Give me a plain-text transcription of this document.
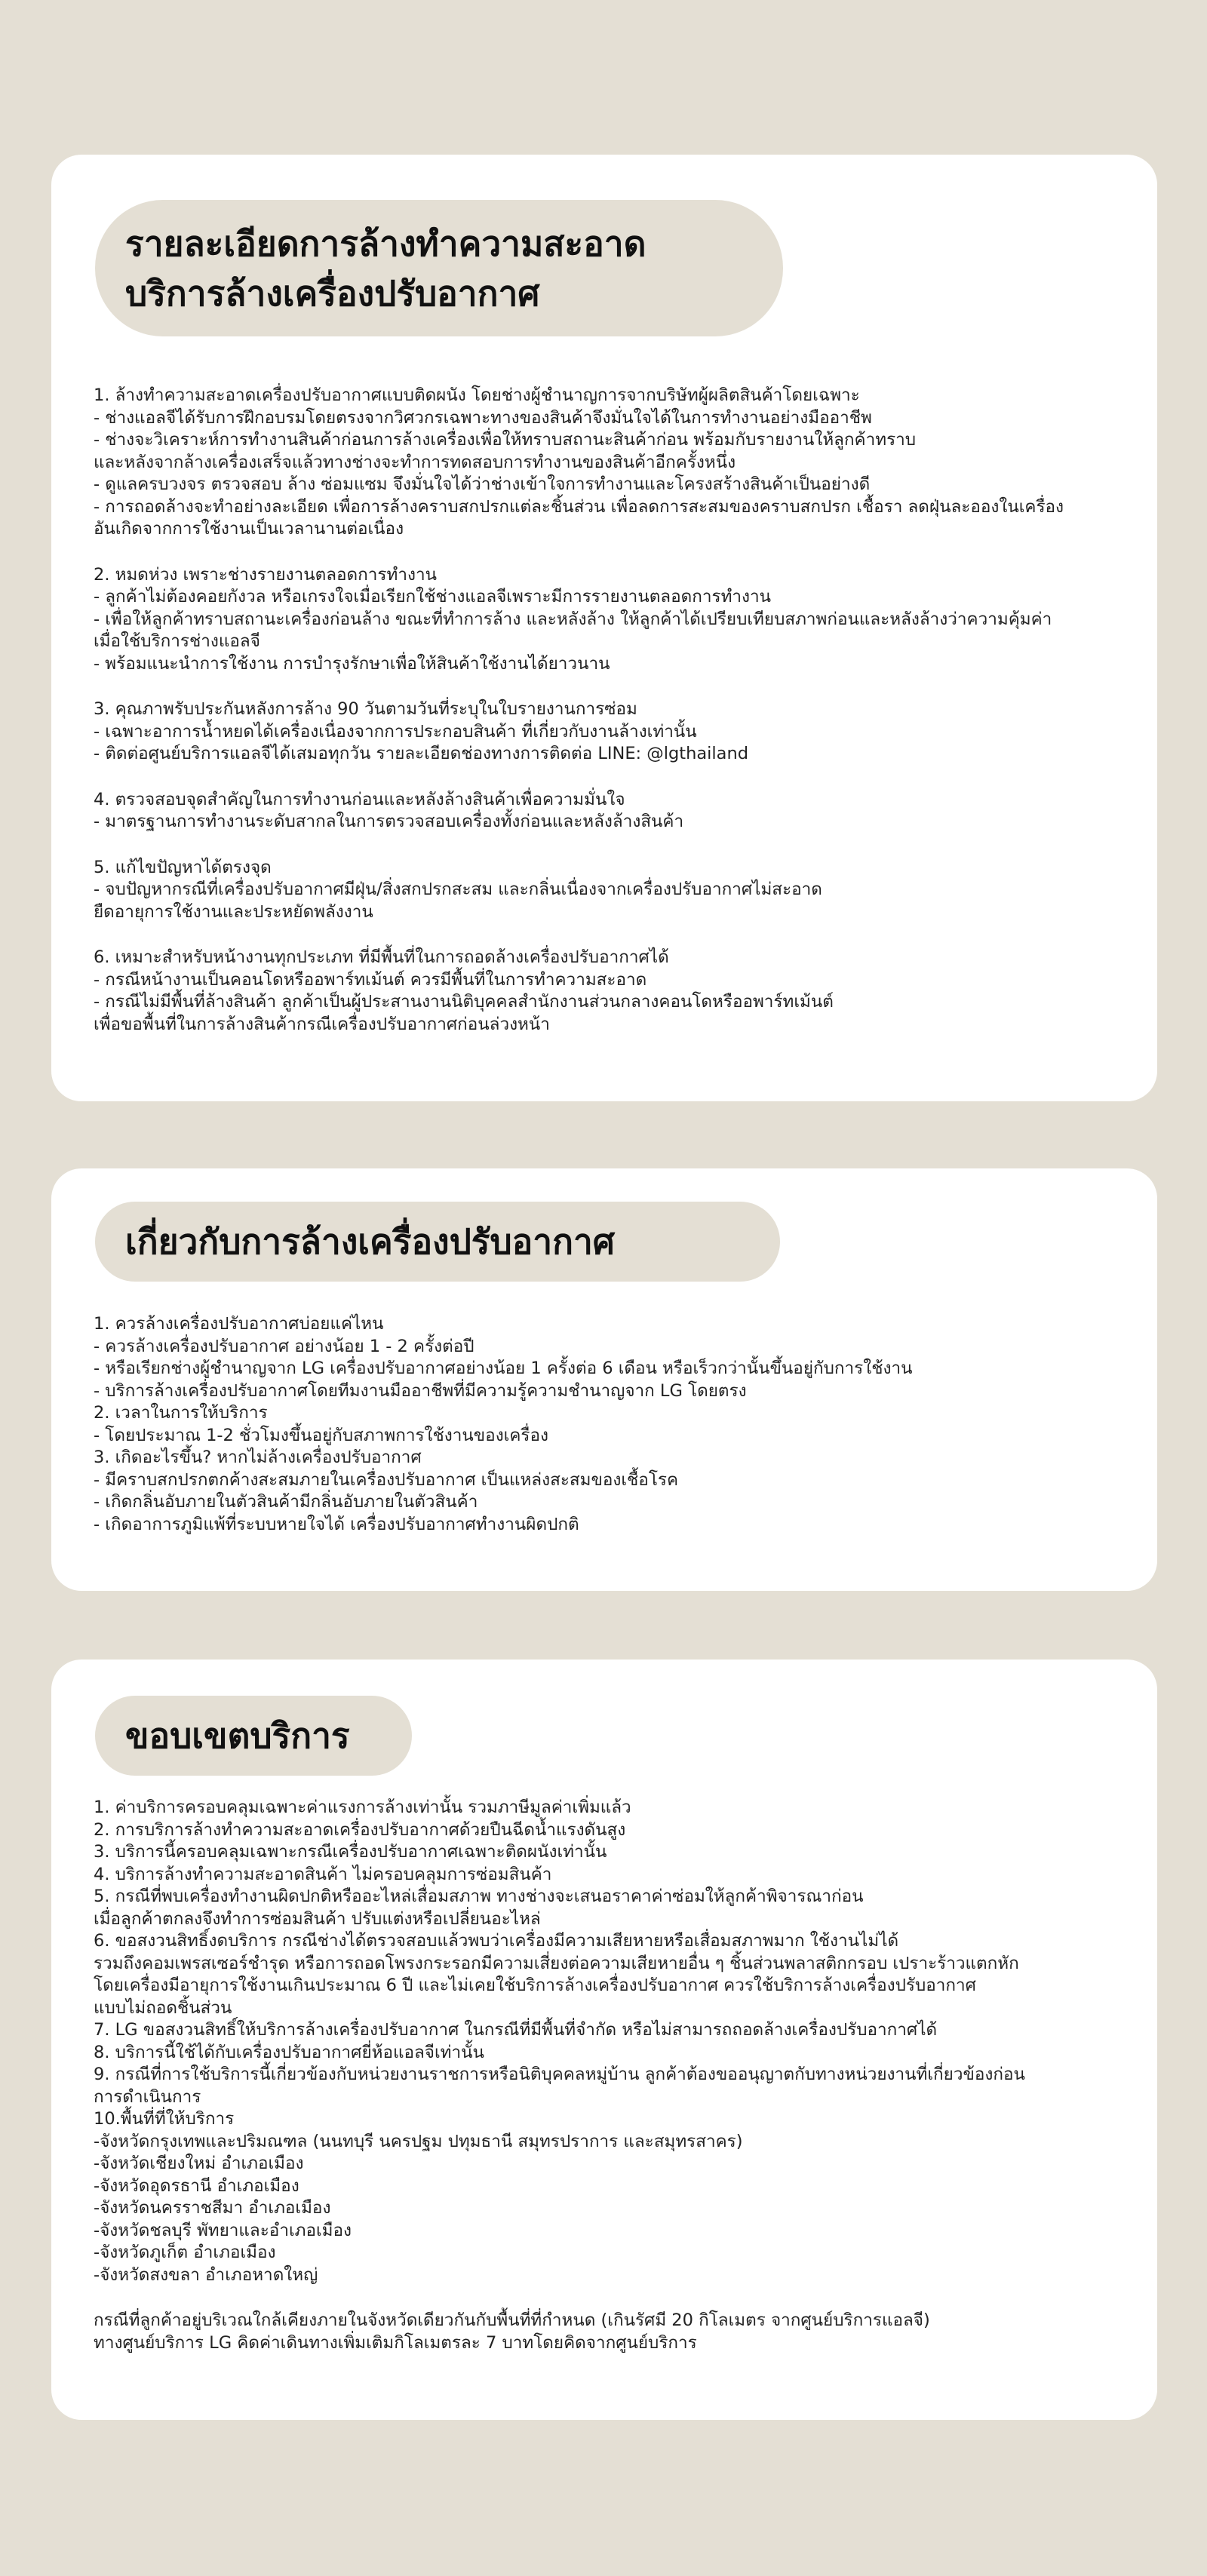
รายละเอียดการล้างทำความสะอาด
บริการล้างเครื่องปรับอากาศ
1. ล้างทำความสะอาดเครื่องปรับอากาศแบบติดผนัง โดยช่างผู้ชำนาญการจากบริษัทผู้ผลิตสินค้าโดยเฉพาะ
- ช่างแอลจีได้รับการฝึกอบรมโดยตรงจากวิศวกรเฉพาะทางของสินค้าจึงมั่นใจได้ในการทำงานอย่างมืออาชีพ
- ช่างจะวิเคราะห์การทำงานสินค้าก่อนการล้างเครื่องเพื่อให้ทราบสถานะสินค้าก่อน พร้อมกับรายงานให้ลูกค้าทราบ
และหลังจากล้างเครื่องเสร็จแล้วทางช่างจะทำการทดสอบการทำงานของสินค้าอีกครั้งหนึ่ง
- ดูแลครบวงจร ตรวจสอบ ล้าง ซ่อมแซม จึงมั่นใจได้ว่าช่างเข้าใจการทำงานและโครงสร้างสินค้าเป็นอย่างดี
- การถอดล้างจะทำอย่างละเอียด เพื่อการล้างคราบสกปรกแต่ละชิ้นส่วน เพื่อลดการสะสมของคราบสกปรก เชื้อรา ลดฝุ่นละอองในเครื่อง
อันเกิดจากการใช้งานเป็นเวลานานต่อเนื่อง
2. หมดห่วง เพราะช่างรายงานตลอดการทำงาน
- ลูกค้าไม่ต้องคอยกังวล หรือเกรงใจเมื่อเรียกใช้ช่างแอลจีเพราะมีการรายงานตลอดการทำงาน
- เพื่อให้ลูกค้าทราบสถานะเครื่องก่อนล้าง ขณะที่ทำการล้าง และหลังล้าง ให้ลูกค้าได้เปรียบเทียบสภาพก่อนและหลังล้างว่าความคุ้มค่า
เมื่อใช้บริการช่างแอลจี
- พร้อมแนะนำการใช้งาน การบำรุงรักษาเพื่อให้สินค้าใช้งานได้ยาวนาน
3. คุณภาพรับประกันหลังการล้าง 90 วันตามวันที่ระบุในใบรายงานการซ่อม
- เฉพาะอาการน้ำหยดได้เครื่องเนื่องจากการประกอบสินค้า ที่เกี่ยวกับงานล้างเท่านั้น
- ติดต่อศูนย์บริการแอลจีได้เสมอทุกวัน รายละเอียดช่องทางการติดต่อ LINE: @lgthailand
4. ตรวจสอบจุดสำคัญในการทำงานก่อนและหลังล้างสินค้าเพื่อความมั่นใจ
- มาตรฐานการทำงานระดับสากลในการตรวจสอบเครื่องทั้งก่อนและหลังล้างสินค้า
5. แก้ไขปัญหาได้ตรงจุด
- จบปัญหากรณีที่เครื่องปรับอากาศมีฝุ่น/สิ่งสกปรกสะสม และกลิ่นเนื่องจากเครื่องปรับอากาศไม่สะอาด
ยืดอายุการใช้งานและประหยัดพลังงาน
6. เหมาะสำหรับหน้างานทุกประเภท ที่มีพื้นที่ในการถอดล้างเครื่องปรับอากาศได้
- กรณีหน้างานเป็นคอนโดหรืออพาร์ทเม้นต์ ควรมีพื้นที่ในการทำความสะอาด
- กรณีไม่มีพื้นที่ล้างสินค้า ลูกค้าเป็นผู้ประสานงานนิติบุคคลสำนักงานส่วนกลางคอนโดหรืออพาร์ทเม้นต์
เพื่อขอพื้นที่ในการล้างสินค้ากรณีเครื่องปรับอากาศก่อนล่วงหน้า
เกี่ยวกับการล้างเครื่องปรับอากาศ
1. ควรล้างเครื่องปรับอากาศบ่อยแค่ไหน
- ควรล้างเครื่องปรับอากาศ อย่างน้อย 1 - 2 ครั้งต่อปี
- หรือเรียกช่างผู้ชำนาญจาก LG เครื่องปรับอากาศอย่างน้อย 1 ครั้งต่อ 6 เดือน หรือเร็วกว่านั้นขึ้นอยู่กับการใช้งาน
- บริการล้างเครื่องปรับอากาศโดยทีมงานมืออาชีพที่มีความรู้ความชำนาญจาก LG โดยตรง
2. เวลาในการให้บริการ
- โดยประมาณ 1-2 ชั่วโมงขึ้นอยู่กับสภาพการใช้งานของเครื่อง
3. เกิดอะไรขึ้น? หากไม่ล้างเครื่องปรับอากาศ
- มีคราบสกปรกตกค้างสะสมภายในเครื่องปรับอากาศ เป็นแหล่งสะสมของเชื้อโรค
- เกิดกลิ่นอับภายในตัวสินค้ามีกลิ่นอับภายในตัวสินค้า
- เกิดอาการภูมิแพ้ที่ระบบหายใจได้ เครื่องปรับอากาศทำงานผิดปกติ
ขอบเขตบริการ
1. ค่าบริการครอบคลุมเฉพาะค่าแรงการล้างเท่านั้น รวมภาษีมูลค่าเพิ่มแล้ว
2. การบริการล้างทำความสะอาดเครื่องปรับอากาศด้วยปืนฉีดน้ำแรงดันสูง
3. บริการนี้ครอบคลุมเฉพาะกรณีเครื่องปรับอากาศเฉพาะติดผนังเท่านั้น
4. บริการล้างทำความสะอาดสินค้า ไม่ครอบคลุมการซ่อมสินค้า
5. กรณีที่พบเครื่องทำงานผิดปกติหรืออะไหล่เสื่อมสภาพ ทางช่างจะเสนอราคาค่าซ่อมให้ลูกค้าพิจารณาก่อน
เมื่อลูกค้าตกลงจึงทำการซ่อมสินค้า ปรับแต่งหรือเปลี่ยนอะไหล่
6. ขอสงวนสิทธิ์งดบริการ กรณีช่างได้ตรวจสอบแล้วพบว่าเครื่องมีความเสียหายหรือเสื่อมสภาพมาก ใช้งานไม่ได้
รวมถึงคอมเพรสเซอร์ชำรุด หรือการถอดโพรงกระรอกมีความเสี่ยงต่อความเสียหายอื่น ๆ ชิ้นส่วนพลาสติกกรอบ เปราะร้าวแตกหัก
โดยเครื่องมีอายุการใช้งานเกินประมาณ 6 ปี และไม่เคยใช้บริการล้างเครื่องปรับอากาศ ควรใช้บริการล้างเครื่องปรับอากาศ
แบบไม่ถอดชิ้นส่วน
7. LG ขอสงวนสิทธิ์ให้บริการล้างเครื่องปรับอากาศ ในกรณีที่มีพื้นที่จำกัด หรือไม่สามารถถอดล้างเครื่องปรับอากาศได้
8. บริการนี้ใช้ได้กับเครื่องปรับอากาศยี่ห้อแอลจีเท่านั้น
9. กรณีที่การใช้บริการนี้เกี่ยวข้องกับหน่วยงานราชการหรือนิติบุคคลหมู่บ้าน ลูกค้าต้องขออนุญาตกับทางหน่วยงานที่เกี่ยวข้องก่อน
การดำเนินการ
10.พื้นที่ที่ให้บริการ
-จังหวัดกรุงเทพและปริมณฑล (นนทบุรี นครปฐม ปทุมธานี สมุทรปราการ และสมุทรสาคร)
-จังหวัดเชียงใหม่ อำเภอเมือง
-จังหวัดอุดรธานี อำเภอเมือง
-จังหวัดนครราชสีมา อำเภอเมือง
-จังหวัดชลบุรี พัทยาและอำเภอเมือง
-จังหวัดภูเก็ต อำเภอเมือง
-จังหวัดสงขลา อำเภอหาดใหญ่
กรณีที่ลูกค้าอยู่บริเวณใกล้เคียงภายในจังหวัดเดียวกันกับพื้นที่ที่กำหนด (เกินรัศมี 20 กิโลเมตร จากศูนย์บริการแอลจี)
ทางศูนย์บริการ LG คิดค่าเดินทางเพิ่มเติมกิโลเมตรละ 7 บาทโดยคิดจากศูนย์บริการ
